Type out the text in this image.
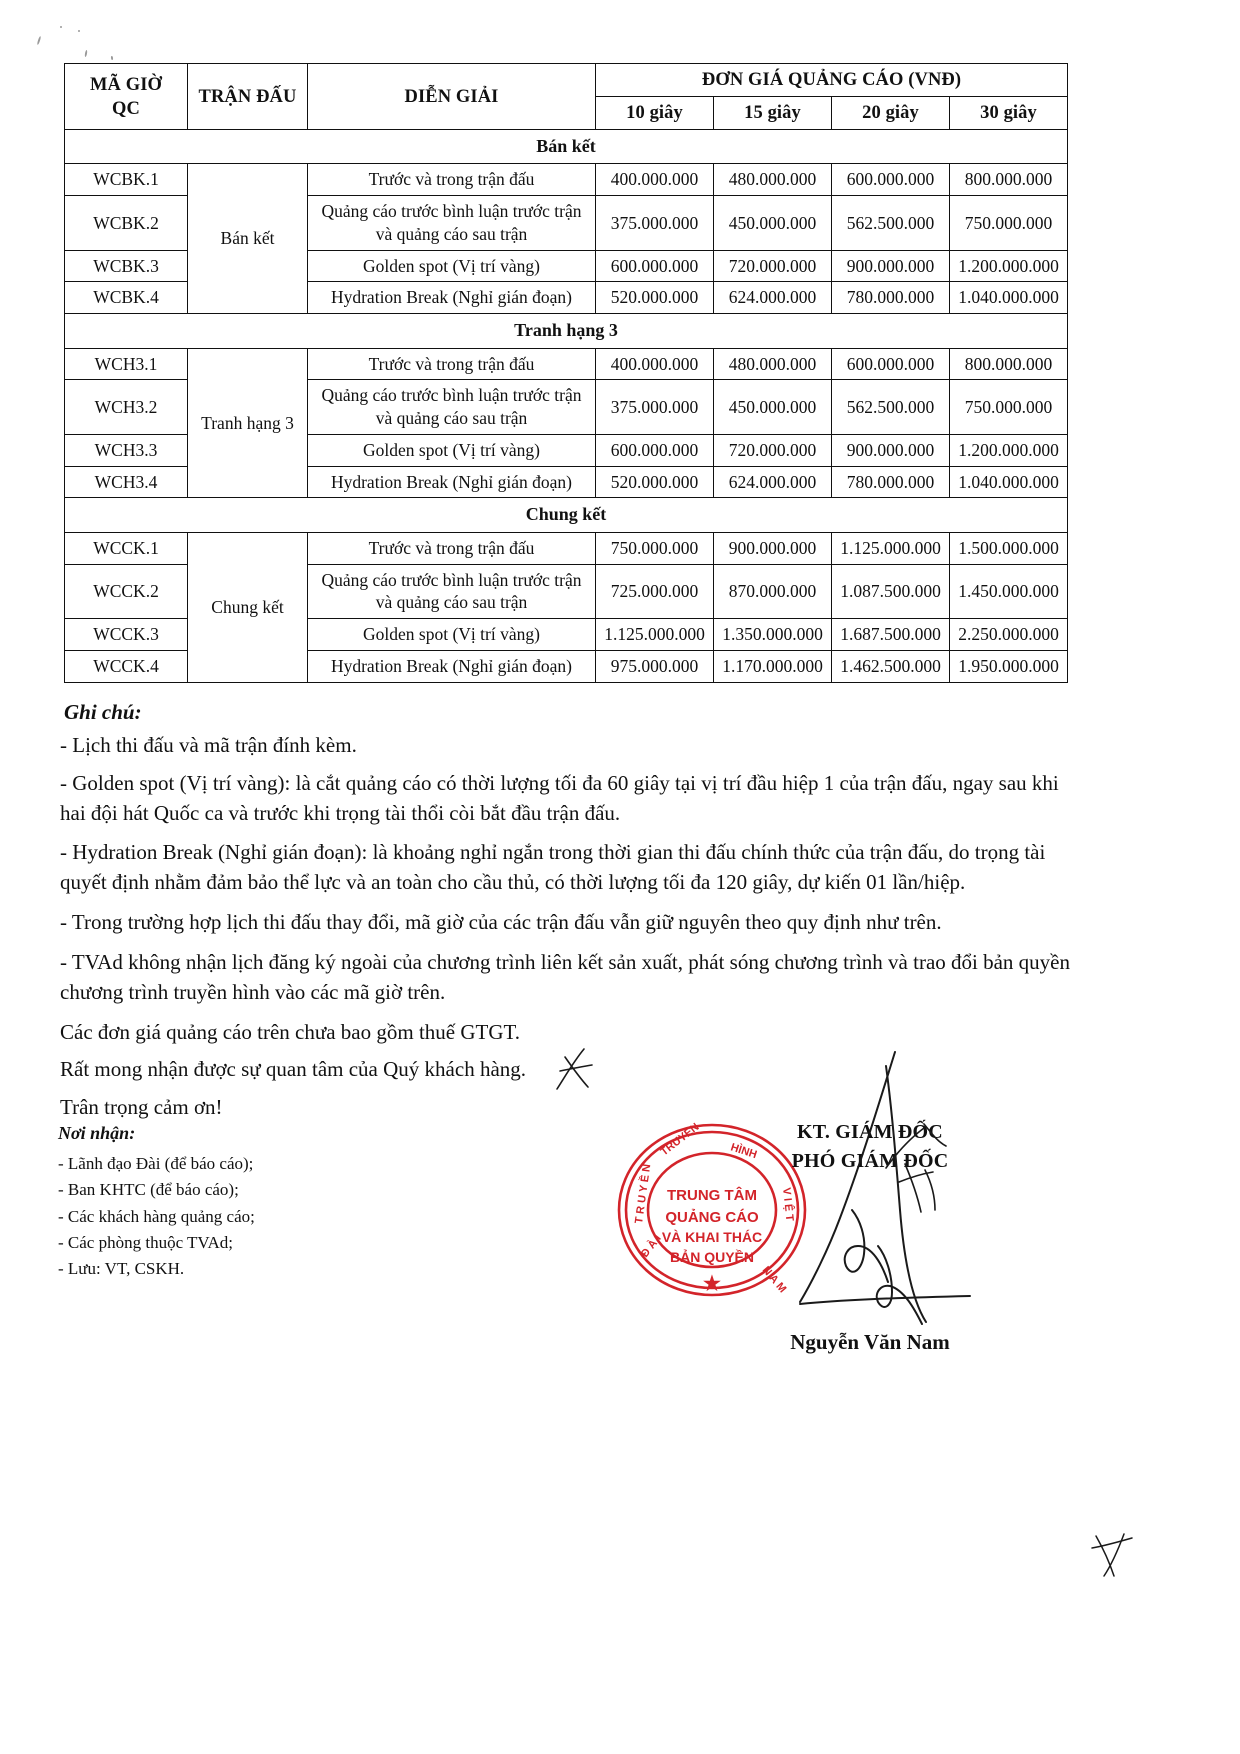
MÃ GIỜ
QC	TRẬN ĐẤU	DIỄN GIẢI	ĐƠN GIÁ QUẢNG CÁO (VNĐ)			
			10 giây	15 giây	20 giây	30 giây
Bán kết						
WCBK.1	Bán kết	Trước và trong trận đấu	400.000.000	480.000.000	600.000.000	800.000.000
WCBK.2		Quảng cáo trước bình luận trước trận và quảng cáo sau trận	375.000.000	450.000.000	562.500.000	750.000.000
WCBK.3		Golden spot (Vị trí vàng)	600.000.000	720.000.000	900.000.000	1.200.000.000
WCBK.4		Hydration Break (Nghỉ gián đoạn)	520.000.000	624.000.000	780.000.000	1.040.000.000
Tranh hạng 3						
WCH3.1	Tranh hạng 3	Trước và trong trận đấu	400.000.000	480.000.000	600.000.000	800.000.000
WCH3.2		Quảng cáo trước bình luận trước trận và quảng cáo sau trận	375.000.000	450.000.000	562.500.000	750.000.000
WCH3.3		Golden spot (Vị trí vàng)	600.000.000	720.000.000	900.000.000	1.200.000.000
WCH3.4		Hydration Break (Nghỉ gián đoạn)	520.000.000	624.000.000	780.000.000	1.040.000.000
Chung kết						
WCCK.1	Chung kết	Trước và trong trận đấu	750.000.000	900.000.000	1.125.000.000	1.500.000.000
WCCK.2		Quảng cáo trước bình luận trước trận và quảng cáo sau trận	725.000.000	870.000.000	1.087.500.000	1.450.000.000
WCCK.3		Golden spot (Vị trí vàng)	1.125.000.000	1.350.000.000	1.687.500.000	2.250.000.000
WCCK.4		Hydration Break (Nghỉ gián đoạn)	975.000.000	1.170.000.000	1.462.500.000	1.950.000.000
Ghi chú:

- Lịch thi đấu và mã trận đính kèm.

- Golden spot (Vị trí vàng): là cắt quảng cáo có thời lượng tối đa 60 giây tại vị trí đầu hiệp 1 của trận đấu, ngay sau khi hai đội hát Quốc ca và trước khi trọng tài thổi còi bắt đầu trận đấu.

- Hydration Break (Nghỉ gián đoạn): là khoảng nghỉ ngắn trong thời gian thi đấu chính thức của trận đấu, do trọng tài quyết định nhằm đảm bảo thể lực và an toàn cho cầu thủ, có thời lượng tối đa 120 giây, dự kiến 01 lần/hiệp.

- Trong trường hợp lịch thi đấu thay đổi, mã giờ của các trận đấu vẫn giữ nguyên theo quy định như trên.

- TVAd không nhận lịch đăng ký ngoài của chương trình liên kết sản xuất, phát sóng chương trình và trao đổi bản quyền chương trình truyền hình vào các mã giờ trên.

Các đơn giá quảng cáo trên chưa bao gồm thuế GTGT.

Rất mong nhận được sự quan tâm của Quý khách hàng.

Trân trọng cảm ơn!

Nơi nhận:

- Lãnh đạo Đài (để báo cáo);

- Ban KHTC (để báo cáo);

- Các khách hàng quảng cáo;

- Các phòng thuộc TVAd;

- Lưu: VT, CSKH.

TRUNG TÂM
QUẢNG CÁO
VÀ KHAI THÁC
BẢN QUYỀN
TRUYỀN	HÌNH
T R U Y Ề N	V I Ệ T
Đ À I
N A M
★
KT. GIÁM ĐỐC
PHÓ GIÁM ĐỐC
Nguyễn Văn Nam
